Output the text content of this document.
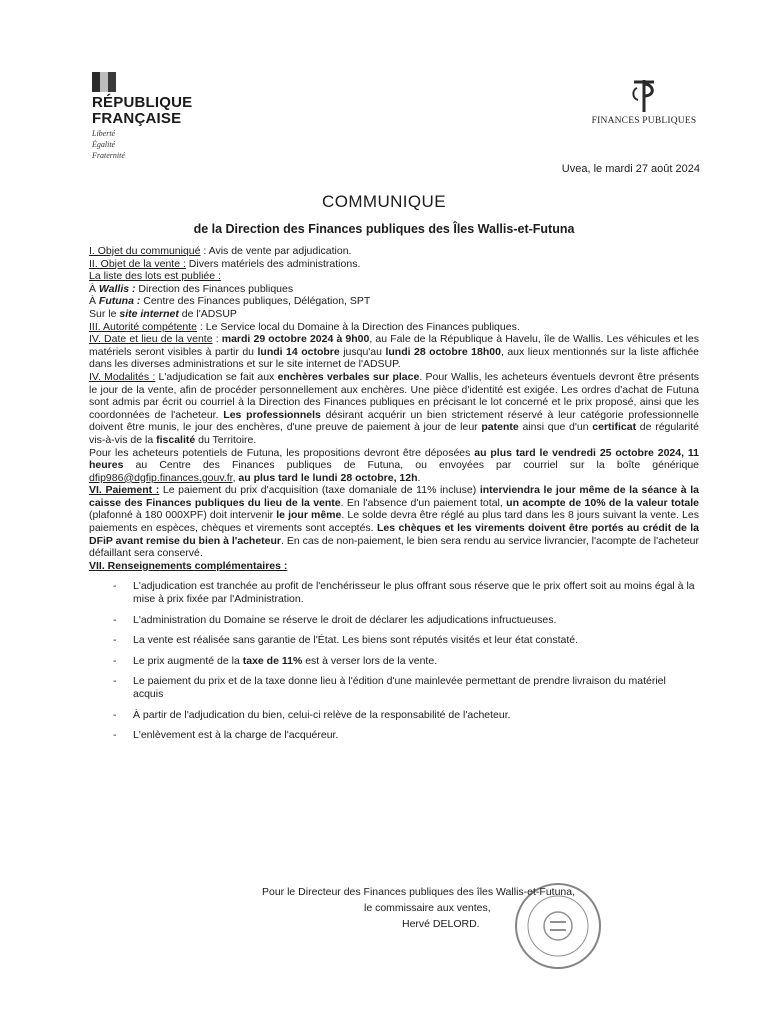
RÉPUBLIQUE
FRANÇAISE
Liberté
Égalité
Fraternité
FINANCES PUBLIQUES
Uvea, le mardi 27 août 2024
COMMUNIQUE
de la Direction des Finances publiques des Îles Wallis-et-Futuna

I. Objet du communiqué : Avis de vente par adjudication.

II. Objet de la vente : Divers matériels des administrations.

La liste des lots est publiée :

À Wallis : Direction des Finances publiques

À Futuna : Centre des Finances publiques, Délégation, SPT

Sur le site internet de l'ADSUP

III. Autorité compétente : Le Service local du Domaine à la Direction des Finances publiques.

IV. Date et lieu de la vente : mardi 29 octobre 2024 à 9h00, au Fale de la République à Havelu, île de Wallis. Les véhicules et les matériels seront visibles à partir du lundi 14 octobre jusqu'au lundi 28 octobre 18h00, aux lieux mentionnés sur la liste affichée dans les diverses administrations et sur le site internet de l'ADSUP.

IV. Modalités : L'adjudication se fait aux enchères verbales sur place. Pour Wallis, les acheteurs éventuels devront être présents le jour de la vente, afin de procéder personnellement aux enchères. Une pièce d'identité est exigée. Les ordres d'achat de Futuna sont admis par écrit ou courriel à la Direction des Finances publiques en précisant le lot concerné et le prix proposé, ainsi que les coordonnées de l'acheteur. Les professionnels désirant acquérir un bien strictement réservé à leur catégorie professionnelle doivent être munis, le jour des enchères, d'une preuve de paiement à jour de leur patente ainsi que d'un certificat de régularité vis-à-vis de la fiscalité du Territoire.

Pour les acheteurs potentiels de Futuna, les propositions devront être déposées au plus tard le vendredi 25 octobre 2024, 11 heures au Centre des Finances publiques de Futuna, ou envoyées par courriel sur la boîte générique dfip986@dgfip.finances.gouv.fr, au plus tard le lundi 28 octobre, 12h.

VI. Paiement : Le paiement du prix d'acquisition (taxe domaniale de 11% incluse) interviendra le jour même de la séance à la caisse des Finances publiques du lieu de la vente. En l'absence d'un paiement total, un acompte de 10% de la valeur totale (plafonné à 180 000XPF) doit intervenir le jour même. Le solde devra être réglé au plus tard dans les 8 jours suivant la vente. Les paiements en espèces, chèques et virements sont acceptés. Les chèques et les virements doivent être portés au crédit de la DFiP avant remise du bien à l'acheteur. En cas de non-paiement, le bien sera rendu au service livrancier, l'acompte de l'acheteur défaillant sera conservé.

VII. Renseignements complémentaires :

- L'adjudication est tranchée au profit de l'enchérisseur le plus offrant sous réserve que le prix offert soit au moins égal à la mise à prix fixée par l'Administration.
- L'administration du Domaine se réserve le droit de déclarer les adjudications infructueuses.
- La vente est réalisée sans garantie de l'État. Les biens sont réputés visités et leur état constaté.
- Le prix augmenté de la taxe de 11% est à verser lors de la vente.
- Le paiement du prix et de la taxe donne lieu à l'édition d'une mainlevée permettant de prendre livraison du matériel acquis
- À partir de l'adjudication du bien, celui-ci relève de la responsabilité de l'acheteur.
- L'enlèvement est à la charge de l'acquéreur.
Pour le Directeur des Finances publiques des îles Wallis-et-Futuna,
le commissaire aux ventes,
Hervé DELORD.
